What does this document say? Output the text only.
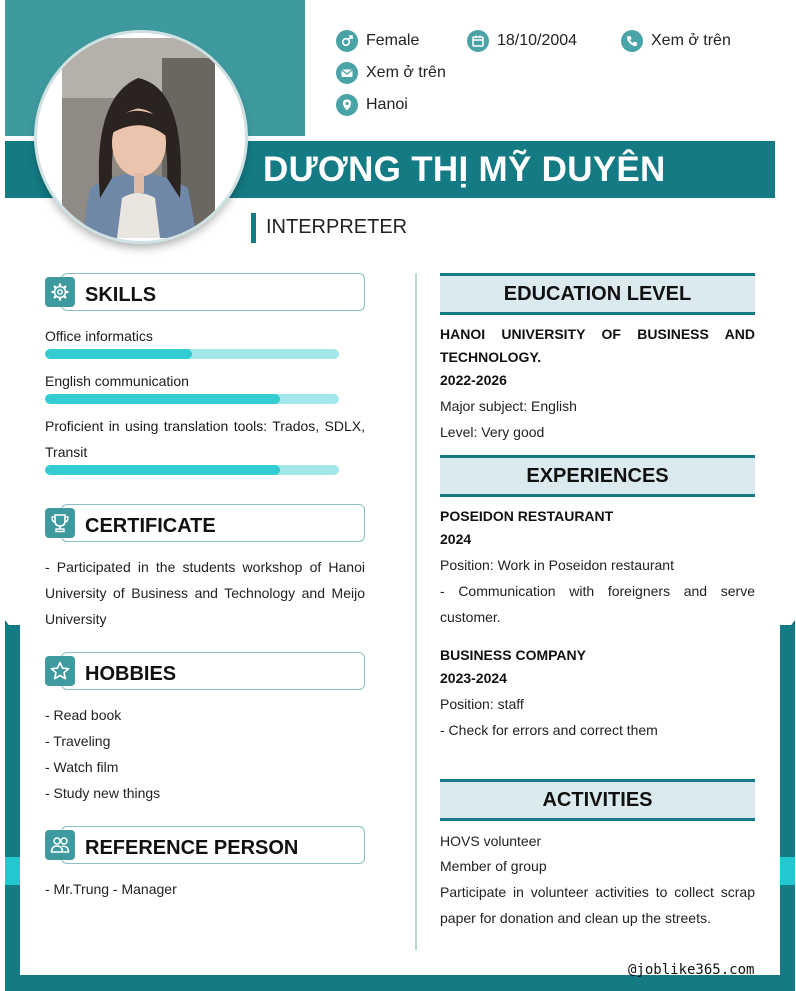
Female	18/10/2004	Xem ở trên
Xem ở trên
Hanoi
DƯƠNG THỊ MỸ DUYÊN
INTERPRETER
SKILLS
Office informatics
English communication
Proficient in using translation tools: Trados, SDLX, Transit
CERTIFICATE
- Participated in the students workshop of Hanoi University of Business and Technology and Meijo University
HOBBIES
- Read book
- Traveling
- Watch film
- Study new things
REFERENCE PERSON
- Mr.Trung - Manager
EDUCATION LEVEL
HANOI UNIVERSITY OF BUSINESS AND TECHNOLOGY.
2022-2026
Major subject: English
Level: Very good
EXPERIENCES
POSEIDON RESTAURANT
2024
Position: Work in Poseidon restaurant
- Communication with foreigners and serve customer.
BUSINESS COMPANY
2023-2024
Position: staff
- Check for errors and correct them
ACTIVITIES
HOVS volunteer
Member of group
Participate in volunteer activities to collect scrap paper for donation and clean up the streets.
@joblike365.com
